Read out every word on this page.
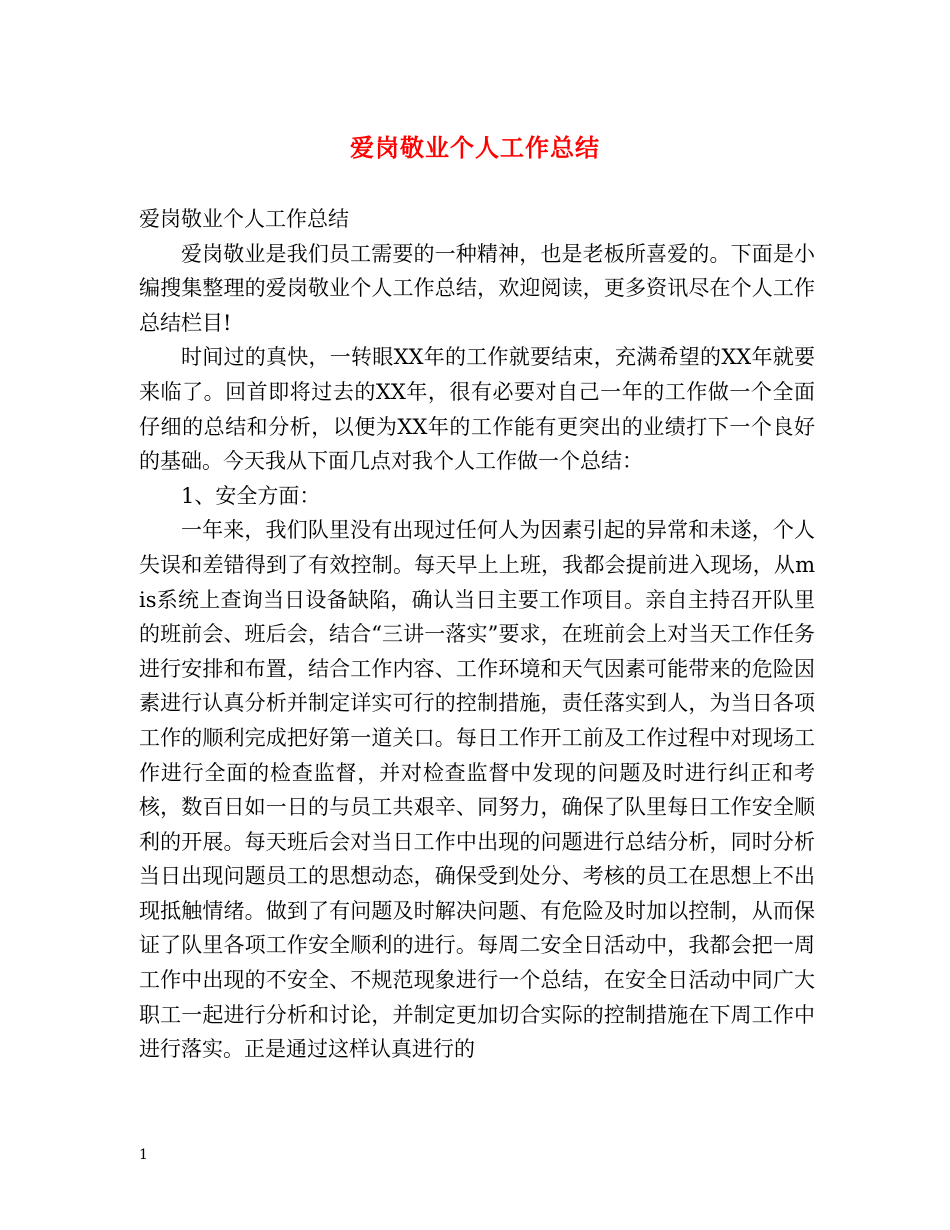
爱岗敬业个人工作总结

爱岗敬业个人工作总结

爱岗敬业是我们员工需要的一种精神，也是老板所喜爱的。下面是小编搜集整理的爱岗敬业个人工作总结，欢迎阅读，更多资讯尽在个人工作总结栏目!

时间过的真快，一转眼XX年的工作就要结束，充满希望的XX年就要来临了。回首即将过去的XX年，很有必要对自己一年的工作做一个全面仔细的总结和分析，以便为XX年的工作能有更突出的业绩打下一个良好的基础。今天我从下面几点对我个人工作做一个总结：

1、安全方面：

一年来，我们队里没有出现过任何人为因素引起的异常和未遂，个人失误和差错得到了有效控制。每天早上上班，我都会提前进入现场，从mis系统上查询当日设备缺陷，确认当日主要工作项目。亲自主持召开队里的班前会、班后会，结合“三讲一落实”要求，在班前会上对当天工作任务进行安排和布置，结合工作内容、工作环境和天气因素可能带来的危险因素进行认真分析并制定详实可行的控制措施，责任落实到人，为当日各项工作的顺利完成把好第一道关口。每日工作开工前及工作过程中对现场工作进行全面的检查监督，并对检查监督中发现的问题及时进行纠正和考核，数百日如一日的与员工共艰辛、同努力，确保了队里每日工作安全顺利的开展。每天班后会对当日工作中出现的问题进行总结分析，同时分析当日出现问题员工的思想动态，确保受到处分、考核的员工在思想上不出现抵触情绪。做到了有问题及时解决问题、有危险及时加以控制，从而保证了队里各项工作安全顺利的进行。每周二安全日活动中，我都会把一周工作中出现的不安全、不规范现象进行一个总结，在安全日活动中同广大职工一起进行分析和讨论，并制定更加切合实际的控制措施在下周工作中进行落实。正是通过这样认真进行的

1
